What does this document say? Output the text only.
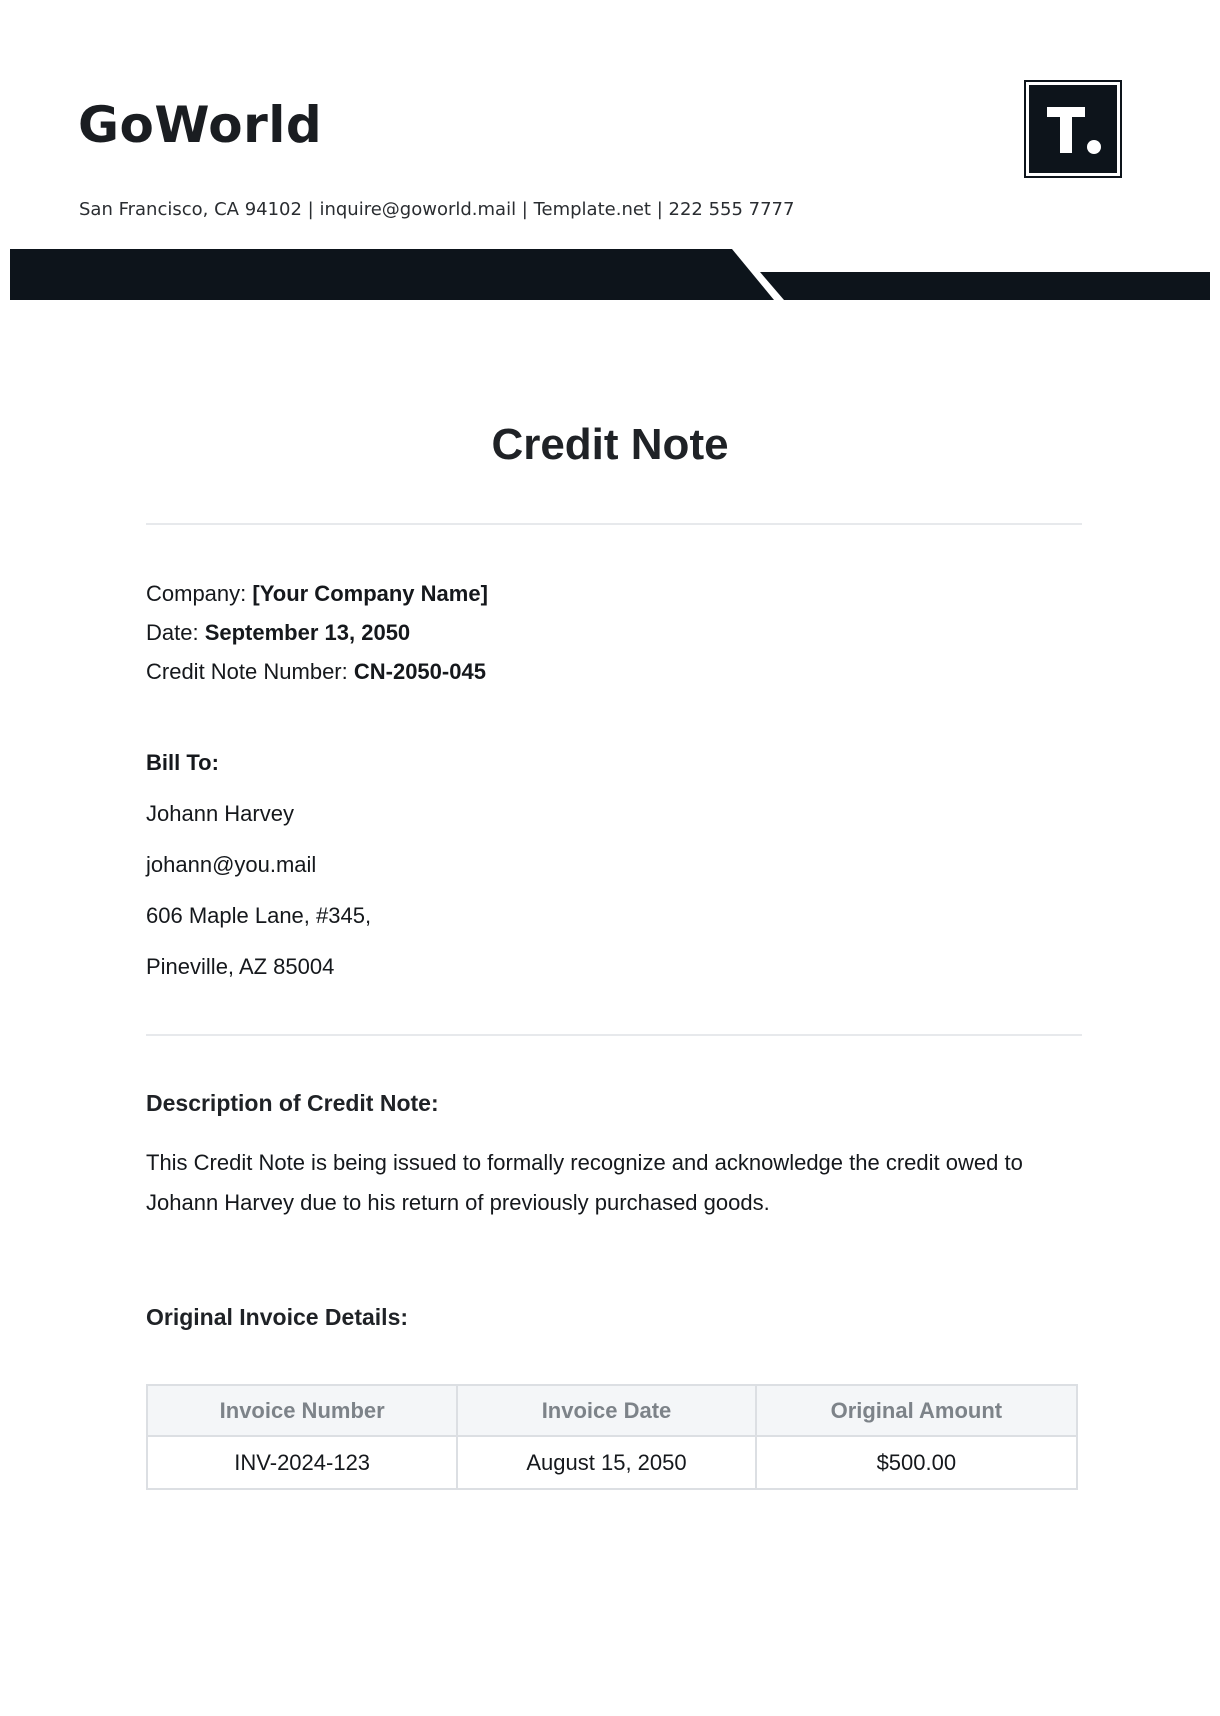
GoWorld
San Francisco, CA 94102 | inquire@goworld.mail | Template.net | 222 555 7777
Credit Note
Company: [Your Company Name]
Date: September 13, 2050
Credit Note Number: CN-2050-045
Bill To:
Johann Harvey
johann@you.mail
606 Maple Lane, #345,
Pineville, AZ 85004
Description of Credit Note:
This Credit Note is being issued to formally recognize and acknowledge the credit owed to Johann Harvey due to his return of previously purchased goods.
Original Invoice Details:
Invoice Number	Invoice Date	Original Amount
INV-2024-123	August 15, 2050	$500.00
